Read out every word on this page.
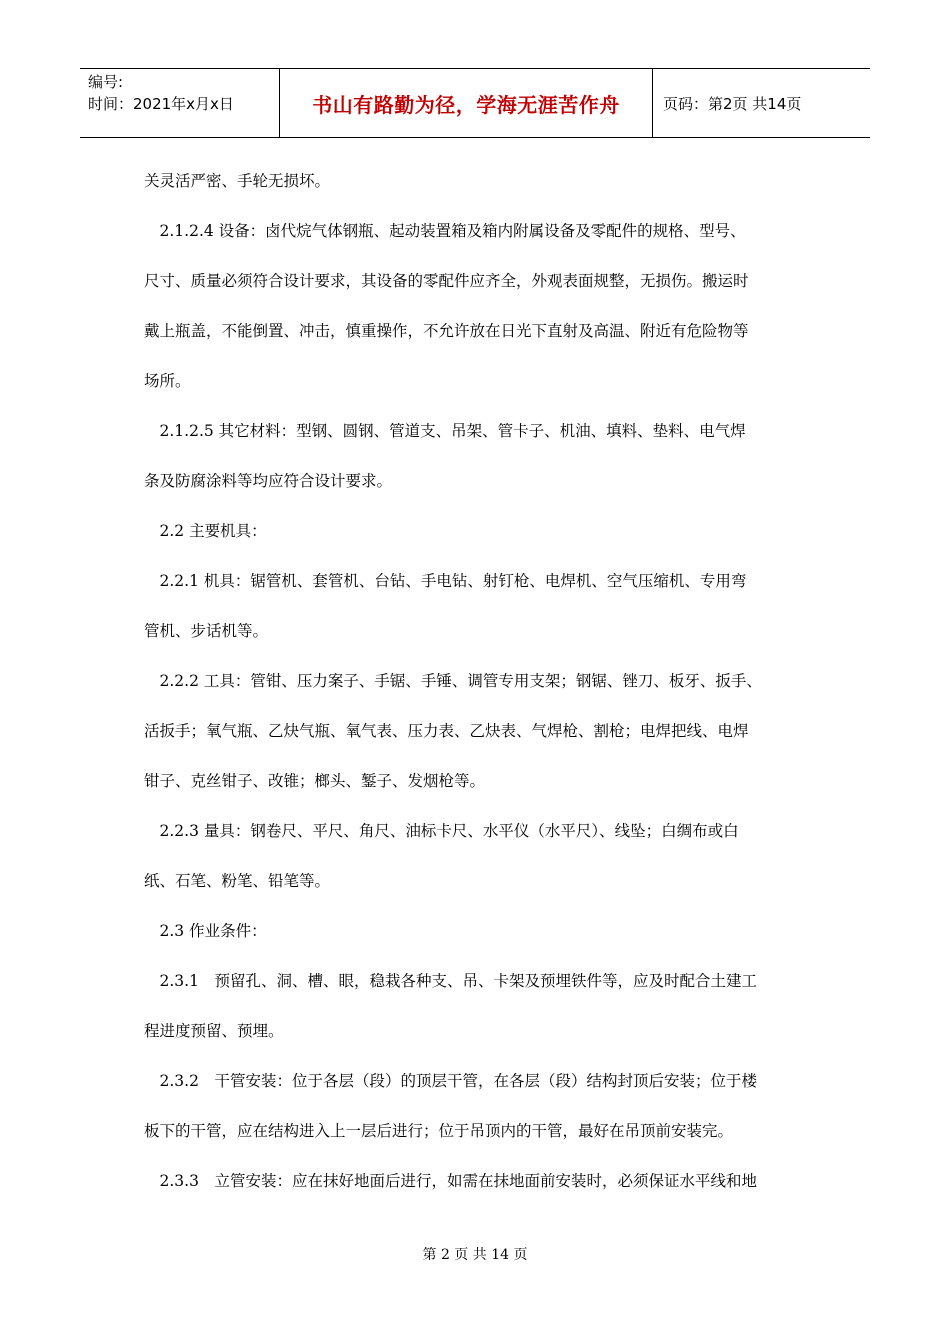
编号:
时间：2021年x月x日	书山有路勤为径，学海无涯苦作舟	页码：第2页 共14页

关灵活严密、手轮无损坏。

　2.1.2.4 设备：卤代烷气体钢瓶、起动装置箱及箱内附属设备及零配件的规格、型号、

尺寸、质量必须符合设计要求，其设备的零配件应齐全，外观表面规整，无损伤。搬运时

戴上瓶盖，不能倒置、冲击，慎重操作，不允许放在日光下直射及高温、附近有危险物等

场所。

　2.1.2.5 其它材料：型钢、圆钢、管道支、吊架、管卡子、机油、填料、垫料、电气焊

条及防腐涂料等均应符合设计要求。

　2.2 主要机具：

　2.2.1 机具：锯管机、套管机、台钻、手电钻、射钉枪、电焊机、空气压缩机、专用弯

管机、步话机等。

　2.2.2 工具：管钳、压力案子、手锯、手锤、调管专用支架；钢锯、锉刀、板牙、扳手、

活扳手；氧气瓶、乙炔气瓶、氧气表、压力表、乙炔表、气焊枪、割枪；电焊把线、电焊

钳子、克丝钳子、改锥；榔头、錾子、发烟枪等。

　2.2.3 量具：钢卷尺、平尺、角尺、油标卡尺、水平仪（水平尺）、线坠；白绸布或白

纸、石笔、粉笔、铅笔等。

　2.3 作业条件：

　2.3.1　预留孔、洞、槽、眼，稳栽各种支、吊、卡架及预埋铁件等，应及时配合土建工

程进度预留、预埋。

　2.3.2　干管安装：位于各层（段）的顶层干管，在各层（段）结构封顶后安装；位于楼

板下的干管，应在结构进入上一层后进行；位于吊顶内的干管，最好在吊顶前安装完。

　2.3.3　立管安装：应在抹好地面后进行，如需在抹地面前安装时，必须保证水平线和地

第 2 页 共 14 页
